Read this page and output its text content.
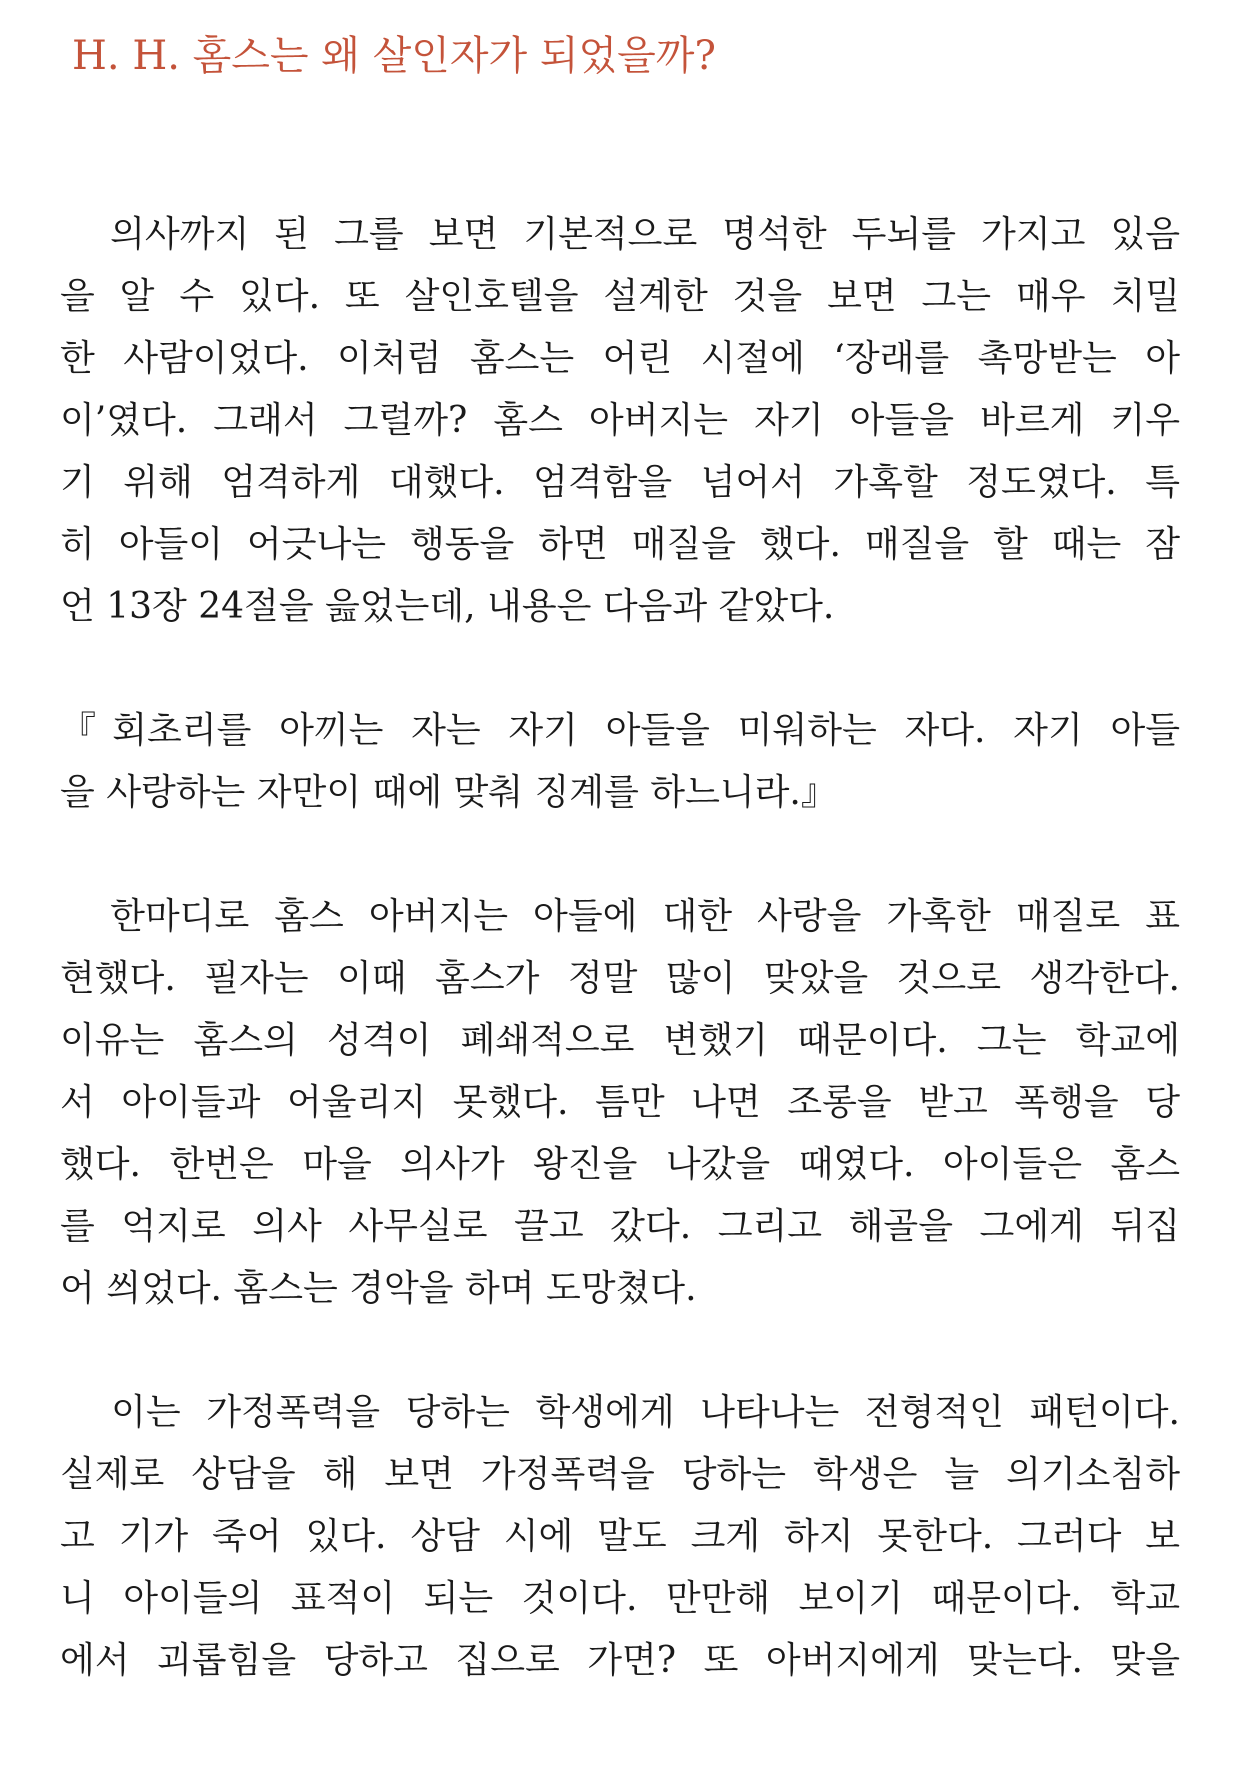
H. H. 홈스는 왜 살인자가 되었을까?

의사까지 된 그를 보면 기본적으로 명석한 두뇌를 가지고 있음
을 알 수 있다. 또 살인호텔을 설계한 것을 보면 그는 매우 치밀
한 사람이었다. 이처럼 홈스는 어린 시절에 ‘장래를 촉망받는 아
이’였다. 그래서 그럴까? 홈스 아버지는 자기 아들을 바르게 키우
기 위해 엄격하게 대했다. 엄격함을 넘어서 가혹할 정도였다. 특
히 아들이 어긋나는 행동을 하면 매질을 했다. 매질을 할 때는 잠
언 13장 24절을 읊었는데, 내용은 다음과 같았다.

『회초리를 아끼는 자는 자기 아들을 미워하는 자다. 자기 아들
을 사랑하는 자만이 때에 맞춰 징계를 하느니라.』

한마디로 홈스 아버지는 아들에 대한 사랑을 가혹한 매질로 표
현했다. 필자는 이때 홈스가 정말 많이 맞았을 것으로 생각한다.
이유는 홈스의 성격이 폐쇄적으로 변했기 때문이다. 그는 학교에
서 아이들과 어울리지 못했다. 틈만 나면 조롱을 받고 폭행을 당
했다. 한번은 마을 의사가 왕진을 나갔을 때였다. 아이들은 홈스
를 억지로 의사 사무실로 끌고 갔다. 그리고 해골을 그에게 뒤집
어 씌었다. 홈스는 경악을 하며 도망쳤다.

이는 가정폭력을 당하는 학생에게 나타나는 전형적인 패턴이다.
실제로 상담을 해 보면 가정폭력을 당하는 학생은 늘 의기소침하
고 기가 죽어 있다. 상담 시에 말도 크게 하지 못한다. 그러다 보
니 아이들의 표적이 되는 것이다. 만만해 보이기 때문이다. 학교
에서 괴롭힘을 당하고 집으로 가면? 또 아버지에게 맞는다. 맞을
